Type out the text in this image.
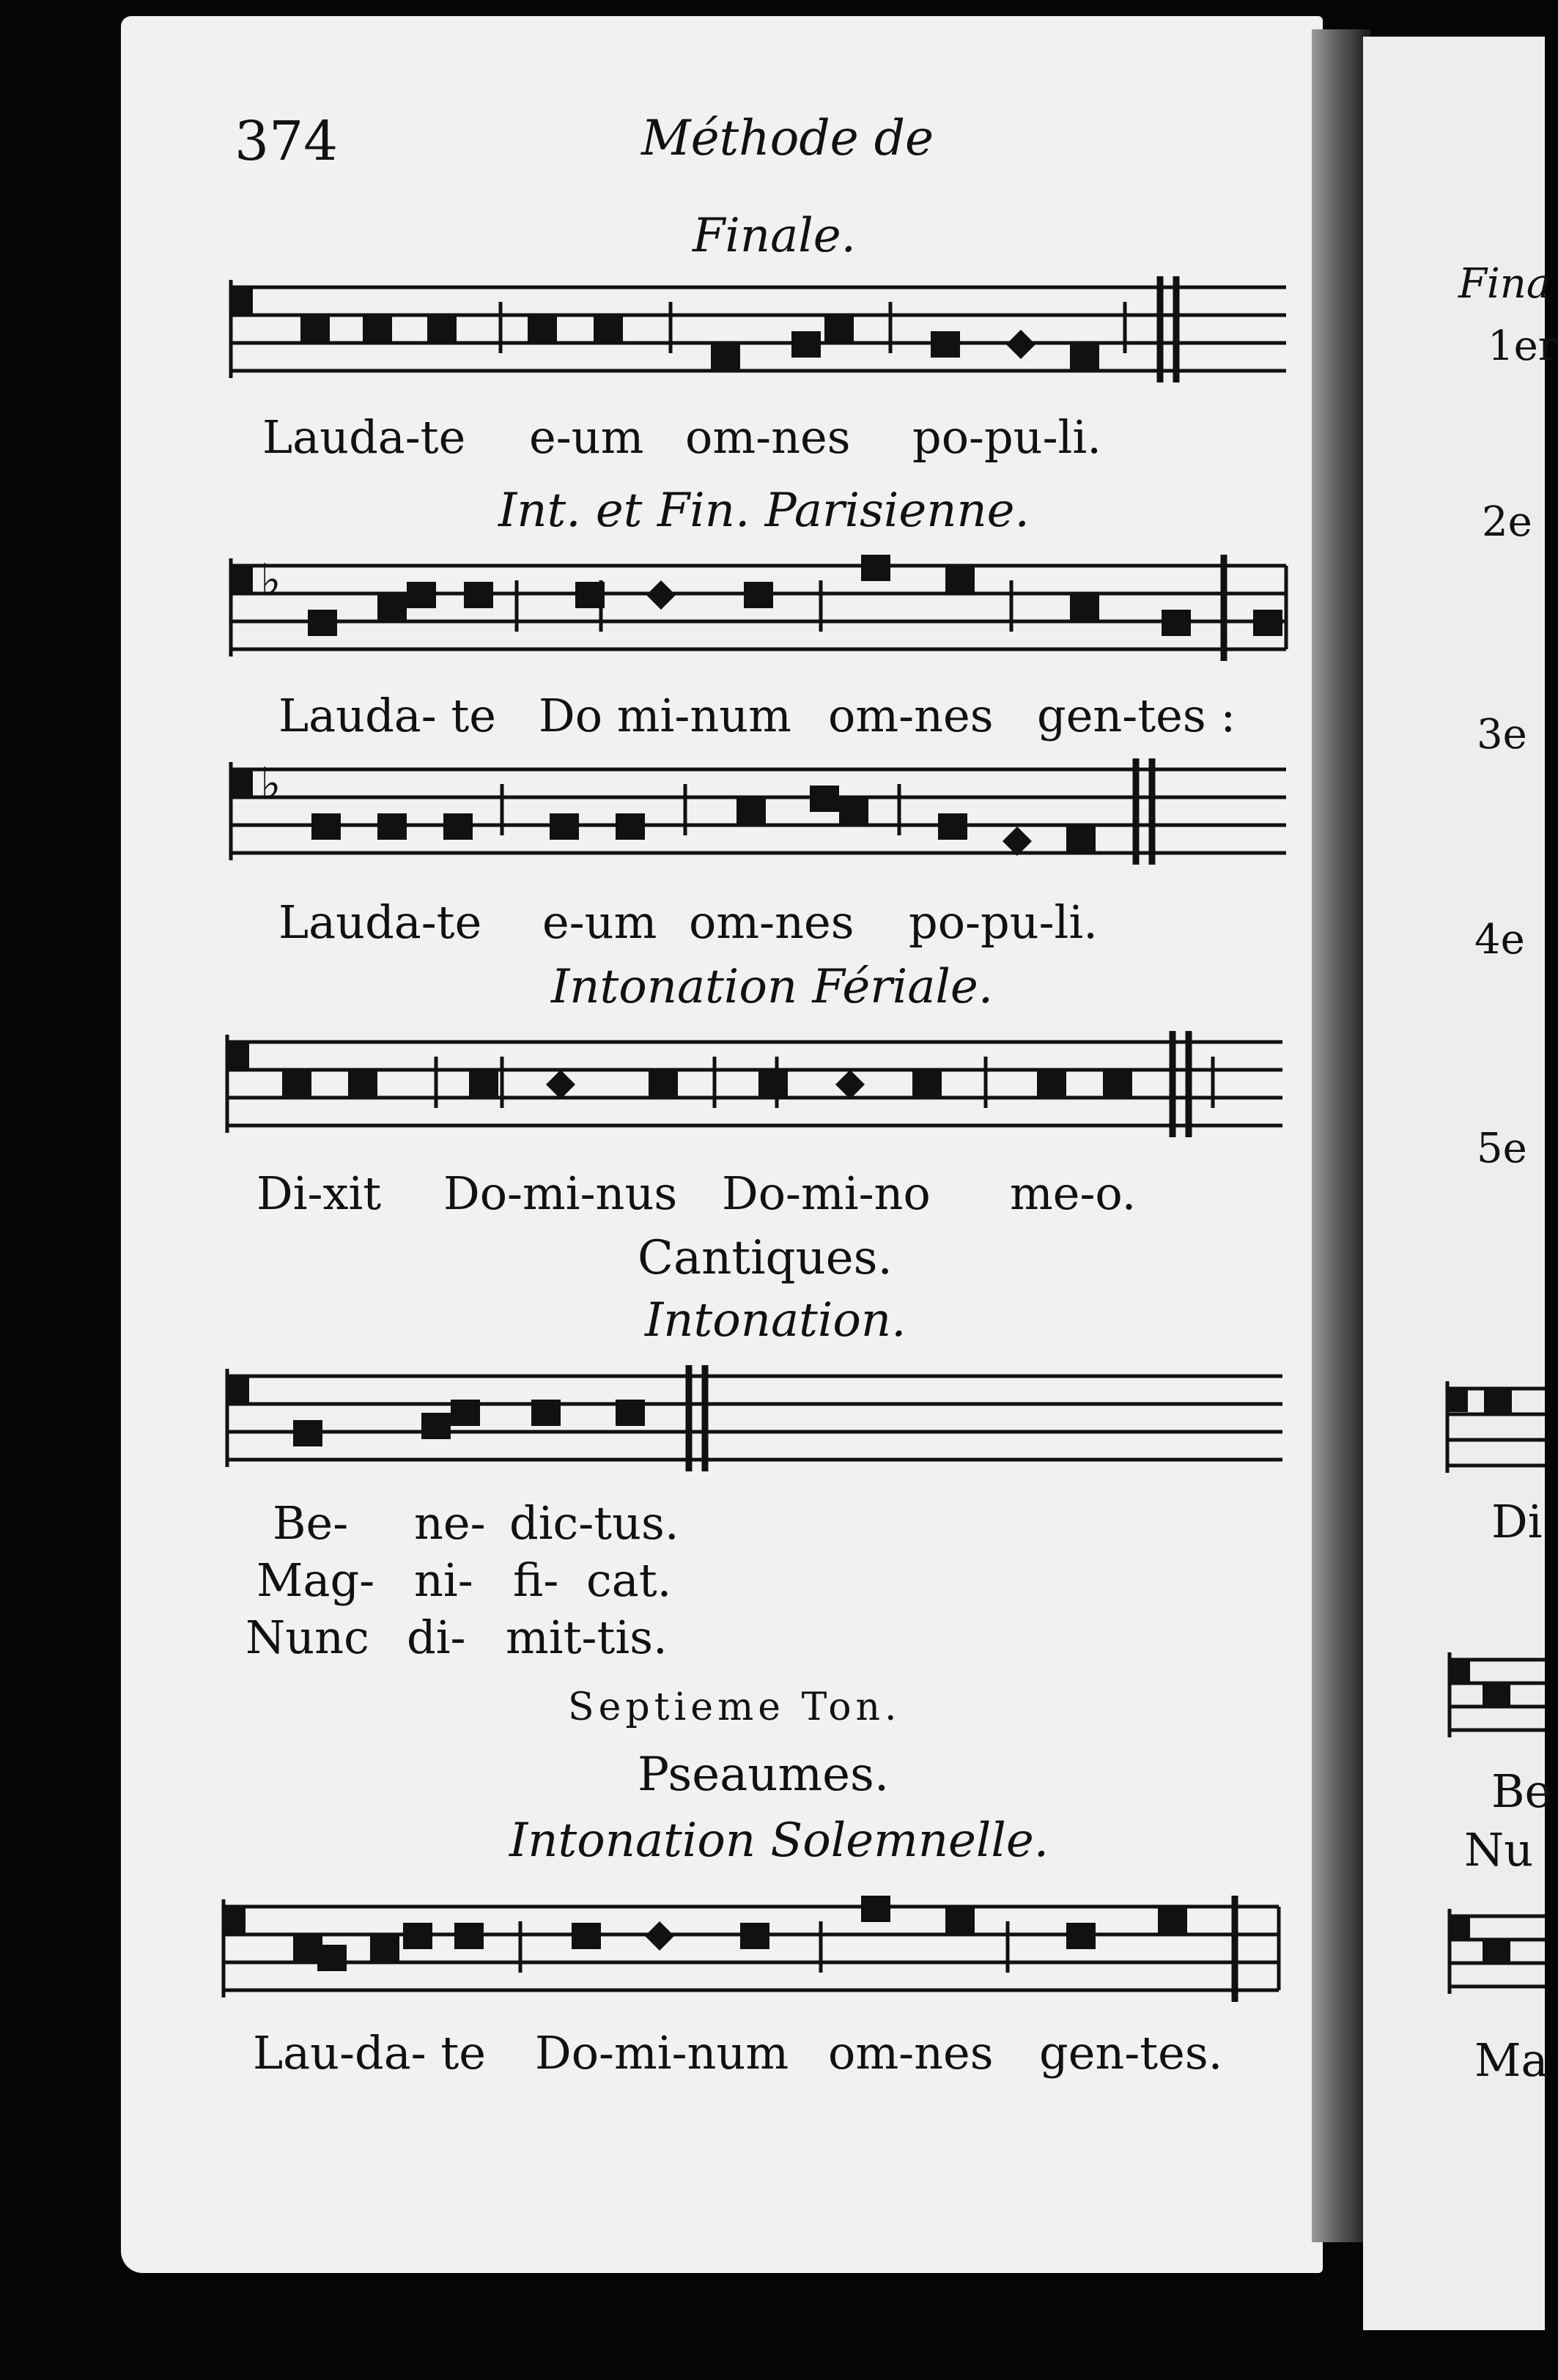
374	Méthode de
Finale.
Lauda-te e-um om-nes po-pu-li.
Int. et Fin. Parisienne.
♭
Lauda- te Do mi-num om-nes gen-tes :
♭
Lauda-te e-um om-nes po-pu-li.
Intonation Fériale.
Di-xit Do-mi-nus Do-mi-no me-o.
Cantiques.
Intonation.
Be- ne- dic-tus.
Mag- ni- fi- cat.
Nunc di- mit-tis.
Septieme Ton.
Pseaumes.
Intonation Solemnelle.
Lau-da- te Do-mi-num om-nes gen-tes.
Fina
1er
2e
3e
4e
5e
Di
Be
Nu
Ma
